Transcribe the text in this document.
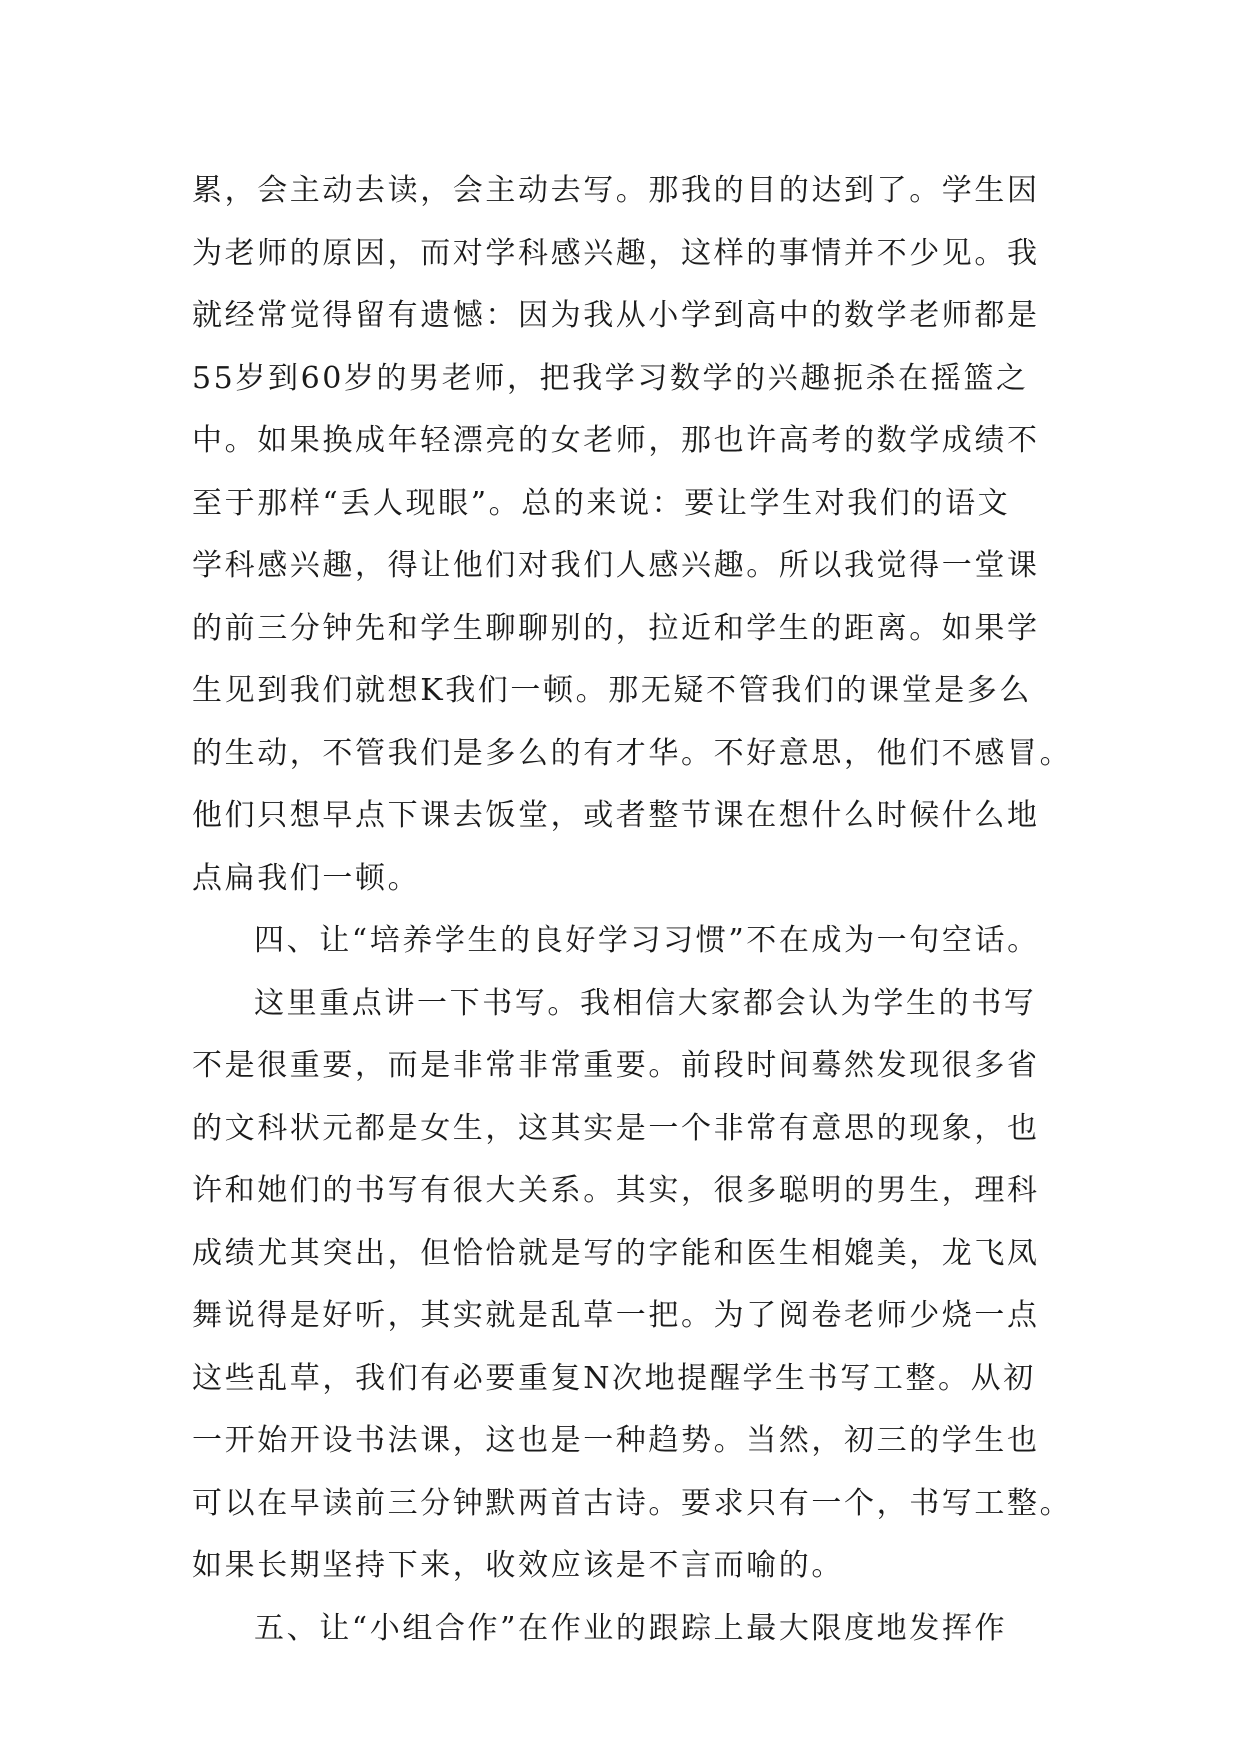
累，会主动去读，会主动去写。那我的目的达到了。学生因
为老师的原因，而对学科感兴趣，这样的事情并不少见。我
就经常觉得留有遗憾：因为我从小学到高中的数学老师都是
55岁到60岁的男老师，把我学习数学的兴趣扼杀在摇篮之
中。如果换成年轻漂亮的女老师，那也许高考的数学成绩不
至于那样“丢人现眼”。总的来说：要让学生对我们的语文
学科感兴趣，得让他们对我们人感兴趣。所以我觉得一堂课
的前三分钟先和学生聊聊别的，拉近和学生的距离。如果学
生见到我们就想K我们一顿。那无疑不管我们的课堂是多么
的生动，不管我们是多么的有才华。不好意思，他们不感冒。
他们只想早点下课去饭堂，或者整节课在想什么时候什么地
点扁我们一顿。
四、让“培养学生的良好学习习惯”不在成为一句空话。
这里重点讲一下书写。我相信大家都会认为学生的书写
不是很重要，而是非常非常重要。前段时间蓦然发现很多省
的文科状元都是女生，这其实是一个非常有意思的现象，也
许和她们的书写有很大关系。其实，很多聪明的男生，理科
成绩尤其突出，但恰恰就是写的字能和医生相媲美，龙飞凤
舞说得是好听，其实就是乱草一把。为了阅卷老师少烧一点
这些乱草，我们有必要重复N次地提醒学生书写工整。从初
一开始开设书法课，这也是一种趋势。当然，初三的学生也
可以在早读前三分钟默两首古诗。要求只有一个，书写工整。
如果长期坚持下来，收效应该是不言而喻的。
五、让“小组合作”在作业的跟踪上最大限度地发挥作
